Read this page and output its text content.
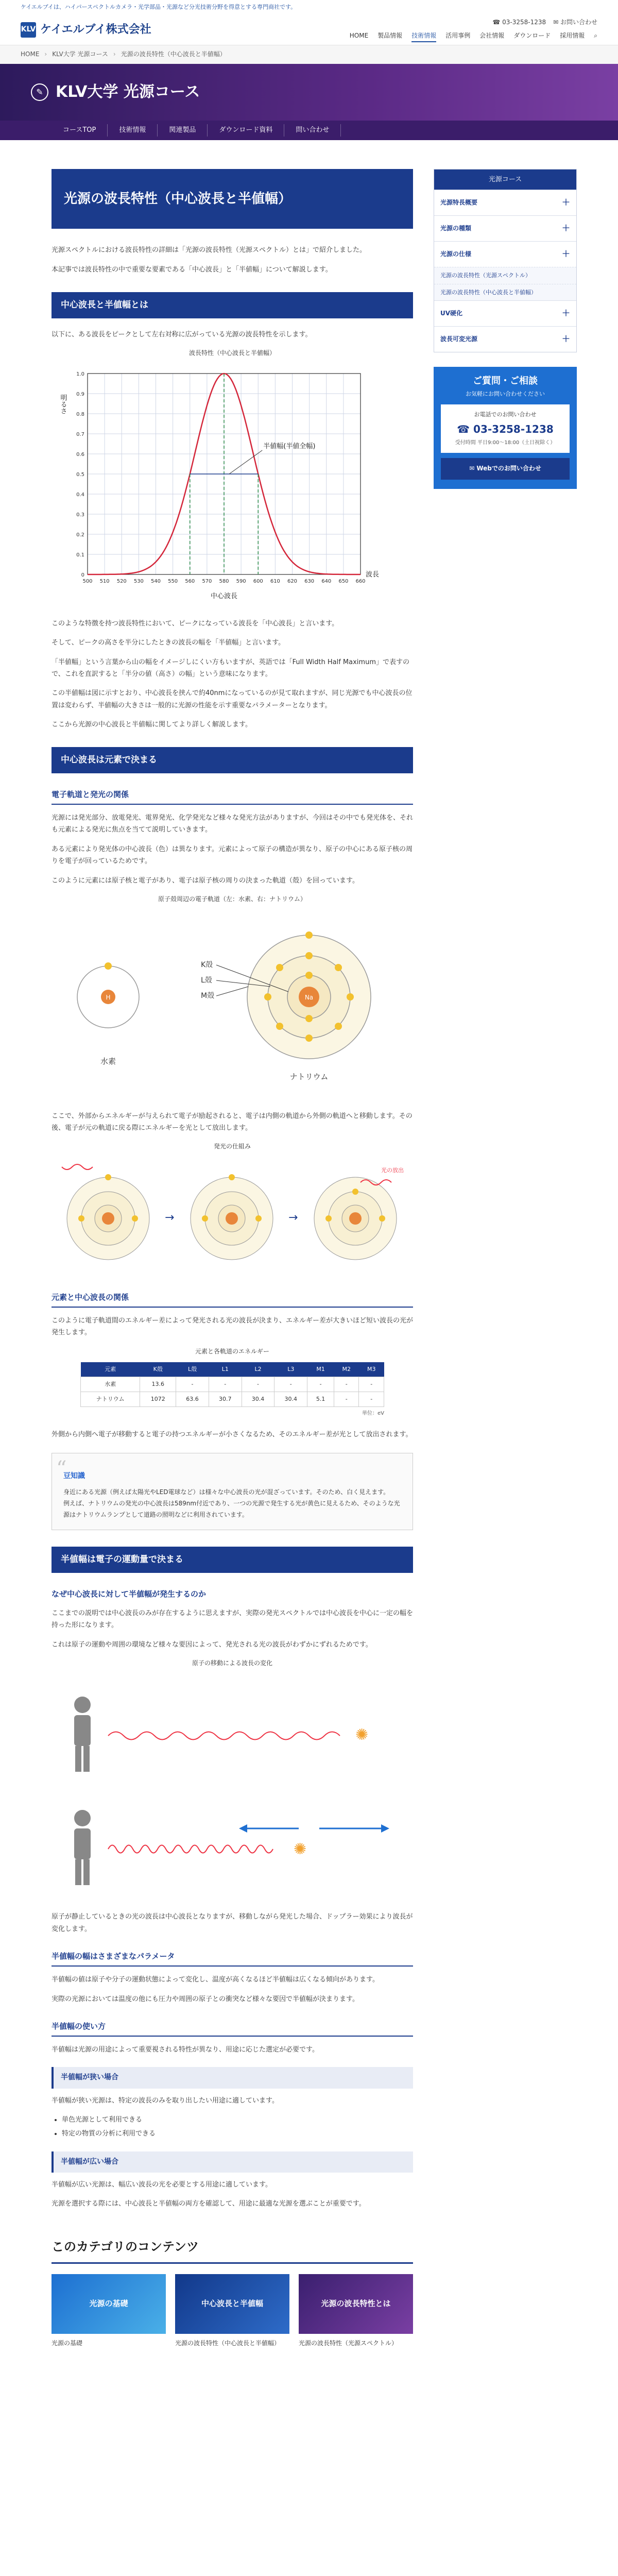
ケイエルブイは、ハイパースペクトルカメラ・光学部品・光源など分光技術分野を得意とする専門商社です。
KLV ケイエルブイ株式会社
☎ 03-3258-1238 ✉ お問い合わせ
HOME 製品情報 技術情報 活用事例 会社情報 ダウンロード 採用情報 ⌕
HOME › KLV大学 光源コース › 光源の波長特性（中心波長と半値幅）
✎ KLV大学 光源コース
コースTOP	技術情報	関連製品	ダウンロード資料	問い合わせ
光源の波長特性（中心波長と半値幅）

光源スペクトルにおける波長特性の詳細は「光源の波長特性（光源スペクトル）とは」で紹介しました。

本記事では波長特性の中で重要な要素である「中心波長」と「半値幅」について解説します。

中心波長と半値幅とは

以下に、ある波長をピークとして左右対称に広がっている光源の波長特性を示します。

波長特性（中心波長と半値幅）
500 510 520 530 540 550 560 570 580 590 600 610 620 630 640 650 660
0
0.1
0.2
0.3
0.4
0.5
0.6
0.7
0.8
0.9
1.0
半値幅(半値全幅)
中心波長
波長
明るさ

このような特徴を持つ波長特性において、ピークになっている波長を「中心波長」と言います。

そして、ピークの高さを半分にしたときの波長の幅を「半値幅」と言います。

「半値幅」という言葉から山の幅をイメージしにくい方もいますが、英語では「Full Width Half Maximum」で表すので、これを直訳すると「半分の値（高さ）の幅」という意味になります。

この半値幅は図に示すとおり、中心波長を挟んで約40nmになっているのが見て取れますが、同じ光源でも中心波長の位置は変わらず、半値幅の大きさは一般的に光源の性能を示す重要なパラメーターとなります。

ここから光源の中心波長と半値幅に関してより詳しく解説します。

中心波長は元素で決まる
電子軌道と発光の関係

光源には発光部分、放電発光、電界発光、化学発光など様々な発光方法がありますが、今回はその中でも発光体を、それも元素による発光に焦点を当てて説明していきます。

ある元素により発光体の中心波長（色）は異なります。元素によって原子の構造が異なり、原子の中心にある原子核の周りを電子が回っているためです。

このように元素には原子核と電子があり、電子は原子核の周りの決まった軌道（殻）を回っています。

原子殻周辺の電子軌道（左：水素、右：ナトリウム）
H
水素
Na
K殻
L殻
M殻
ナトリウム

ここで、外部からエネルギーが与えられて電子が励起されると、電子は内側の軌道から外側の軌道へと移動します。その後、電子が元の軌道に戻る際にエネルギーを光として放出します。

発光の仕組み
→	→
光の放出
元素と中心波長の関係

このように電子軌道間のエネルギー差によって発光される光の波長が決まり、エネルギー差が大きいほど短い波長の光が発生します。

元素と各軌道のエネルギー
元素	K殻	L殻	L1	L2	L3	M1	M2	M3
水素	13.6	-	-	-	-	-	-	-
ナトリウム	1072	63.6	30.7	30.4	30.4	5.1	-	-
単位：eV

外側から内側へ電子が移動すると電子の持つエネルギーが小さくなるため、そのエネルギー差が光として放出されます。

“
豆知識

身近にある光源（例えば太陽光やLED電球など）は様々な中心波長の光が混ざっています。そのため、白く見えます。

例えば、ナトリウムの発光の中心波長は589nm付近であり、一つの光源で発生する光が黄色に見えるため、そのような光源はナトリウムランプとして道路の照明などに利用されています。

半値幅は電子の運動量で決まる
なぜ中心波長に対して半値幅が発生するのか

ここまでの説明では中心波長のみが存在するように思えますが、実際の発光スペクトルでは中心波長を中心に一定の幅を持った形になります。

これは原子の運動や周囲の環境など様々な要因によって、発光される光の波長がわずかにずれるためです。

原子の移動による波長の変化
✺
✺

原子が静止しているときの光の波長は中心波長となりますが、移動しながら発光した場合、ドップラー効果により波長が変化します。

半値幅の幅はさまざまなパラメータ

半値幅の値は原子や分子の運動状態によって変化し、温度が高くなるほど半値幅は広くなる傾向があります。

実際の光源においては温度の他にも圧力や周囲の原子との衝突など様々な要因で半値幅が決まります。

半値幅の使い方

半値幅は光源の用途によって重要視される特性が異なり、用途に応じた選定が必要です。

半値幅が狭い場合

半値幅が狭い光源は、特定の波長のみを取り出したい用途に適しています。

• 単色光源として利用できる
• 特定の物質の分析に利用できる
半値幅が広い場合

半値幅が広い光源は、幅広い波長の光を必要とする用途に適しています。

光源を選択する際には、中心波長と半値幅の両方を確認して、用途に最適な光源を選ぶことが重要です。

このカテゴリのコンテンツ
光源の基礎
光源の基礎
中心波長と半値幅
光源の波長特性（中心波長と半値幅）
光源の波長特性とは
光源の波長特性（光源スペクトル）
光源コース
光源特長概要	＋
光源の種類	＋
光源の仕様	＋
光源の波長特性（光源スペクトル）
光源の波長特性（中心波長と半値幅）
UV硬化	＋
波長可変光源	＋
ご質問・ご相談
お気軽にお問い合わせください
お電話でのお問い合わせ
☎ 03-3258-1238
受付時間 平日9:00～18:00（土日祝除く）
✉ Webでのお問い合わせ
